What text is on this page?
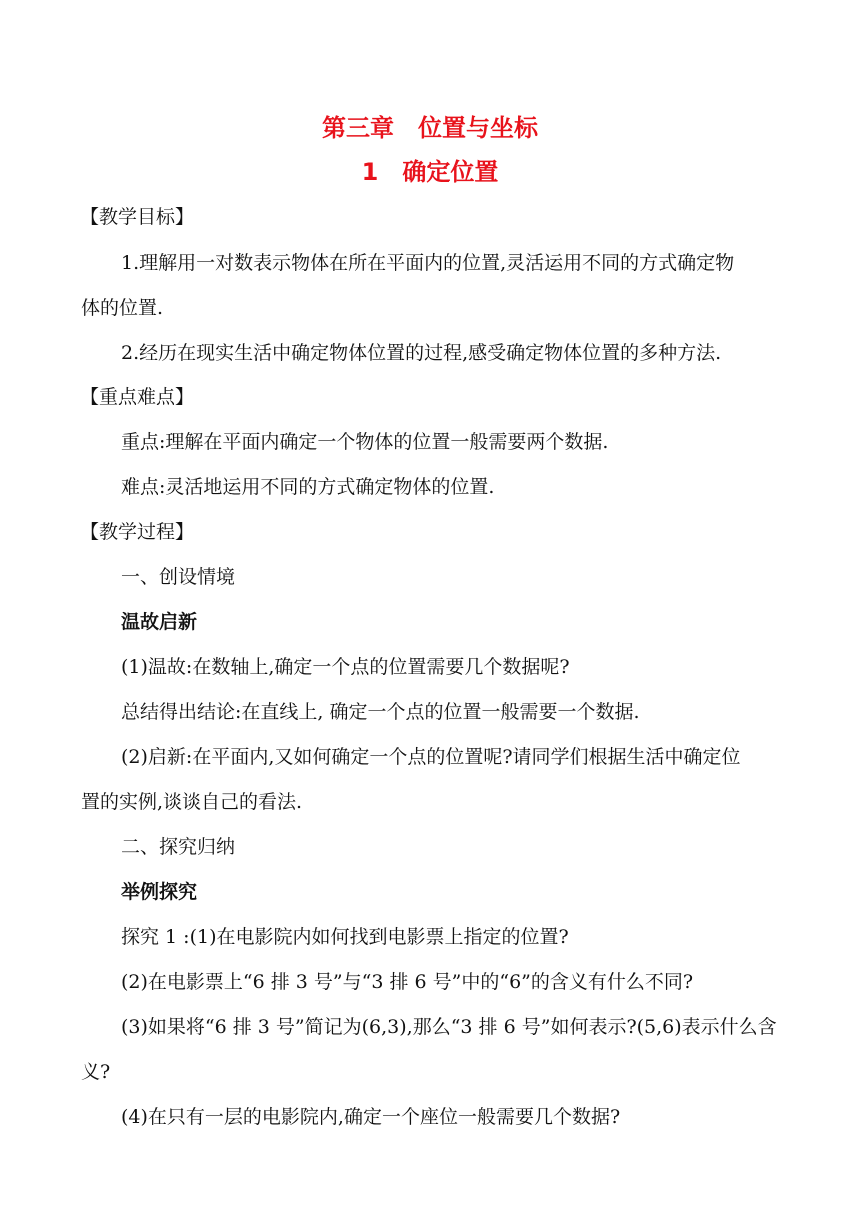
第三章　位置与坐标
1　确定位置
【教学目标】
1.理解用一对数表示物体在所在平面内的位置,灵活运用不同的方式确定物
体的位置.
2.经历在现实生活中确定物体位置的过程,感受确定物体位置的多种方法.
【重点难点】
重点:理解在平面内确定一个物体的位置一般需要两个数据.
难点:灵活地运用不同的方式确定物体的位置.
【教学过程】
一、创设情境
温故启新
(1)温故:在数轴上,确定一个点的位置需要几个数据呢?
总结得出结论:在直线上, 确定一个点的位置一般需要一个数据.
(2)启新:在平面内,又如何确定一个点的位置呢?请同学们根据生活中确定位
置的实例,谈谈自己的看法.
二、探究归纳
举例探究
探究 1 :(1)在电影院内如何找到电影票上指定的位置?
(2)在电影票上“6 排 3 号”与“3 排 6 号”中的“6”的含义有什么不同?
(3)如果将“6 排 3 号”简记为(6,3),那么“3 排 6 号”如何表示?(5,6)表示什么含
义?
(4)在只有一层的电影院内,确定一个座位一般需要几个数据?
